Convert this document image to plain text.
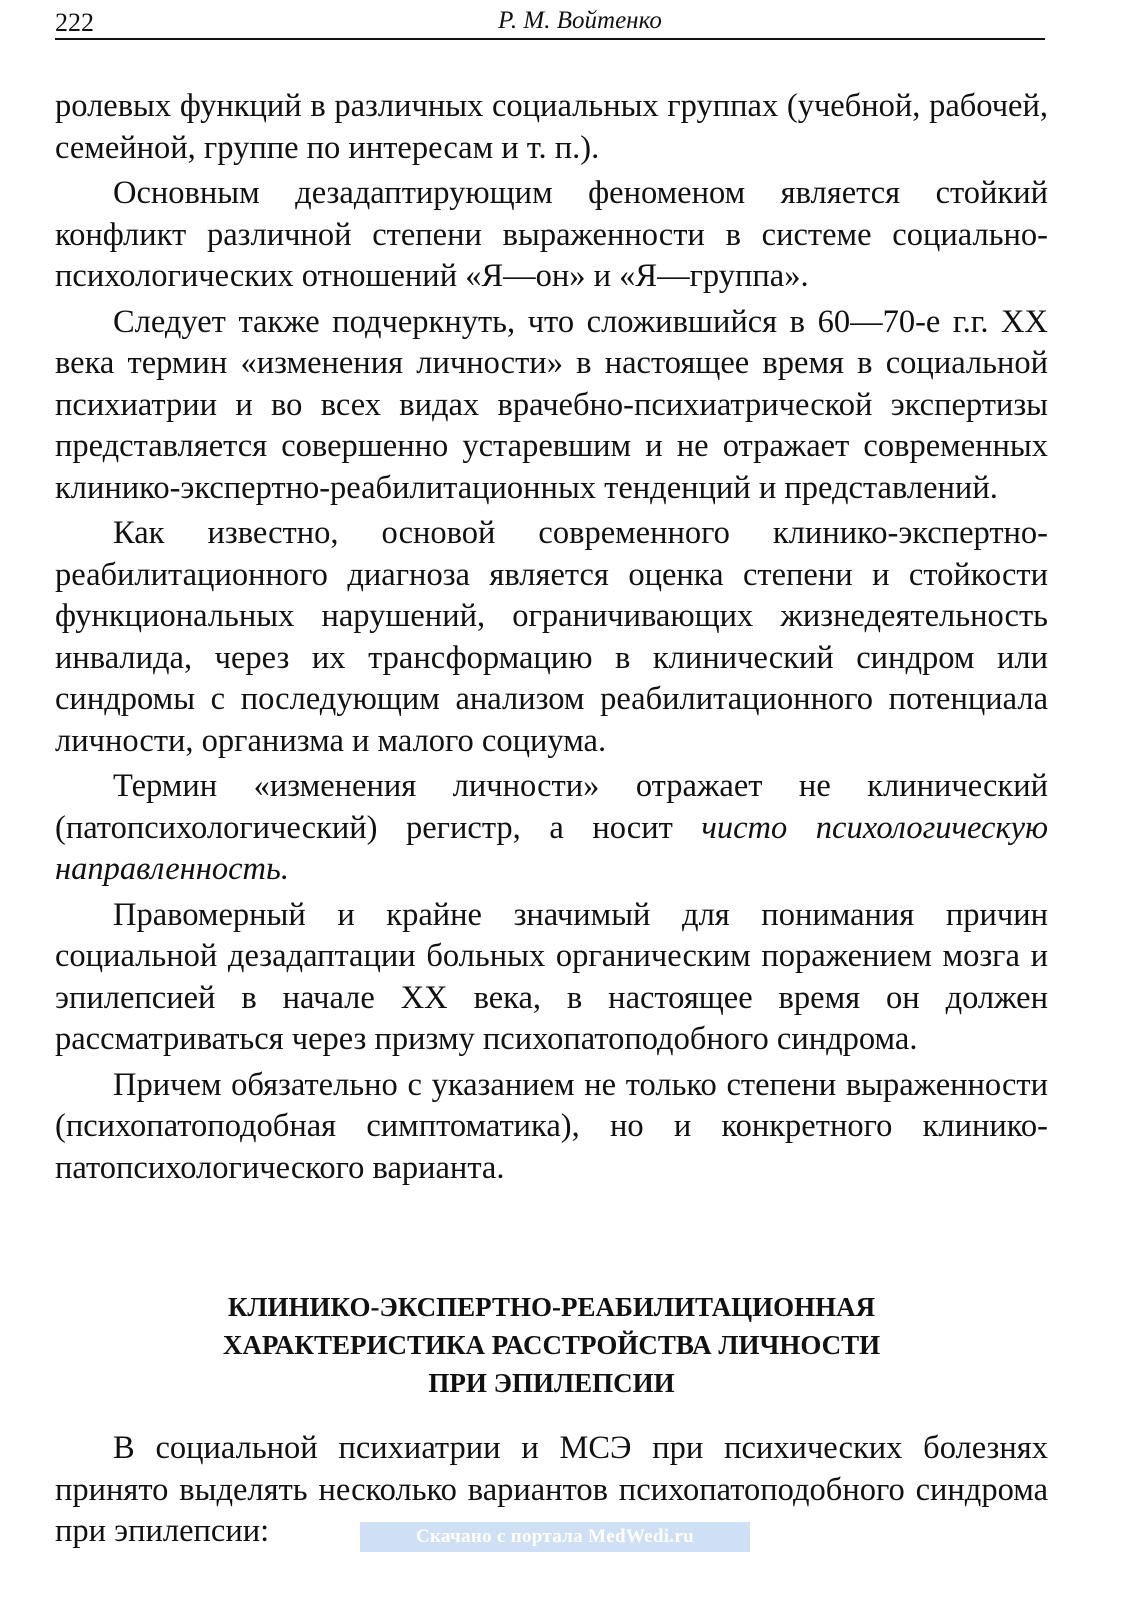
222	Р. М. Войтенко

ролевых функций в различных социальных группах (учебной, рабочей, семейной, группе по интересам и т. п.).

Основным дезадаптирующим феноменом является стойкий конфликт различной степени выраженности в системе социально-психологических отношений «Я—он» и «Я—группа».

Следует также подчеркнуть, что сложившийся в 60—70-е г.г. XX века термин «изменения личности» в настоящее время в социальной психиатрии и во всех видах врачебно-психиатрической экспертизы представляется совершенно устаревшим и не отражает современных клинико-экспертно-реабилитационных тенденций и представлений.

Как известно, основой современного клинико-экспертно-реабилитационного диагноза является оценка степени и стойкости функциональных нарушений, ограничивающих жизнедеятельность инвалида, через их трансформацию в клинический синдром или синдромы с последующим анализом реабилитационного потенциала личности, организма и малого социума.

Термин «изменения личности» отражает не клинический (патопсихологический) регистр, а носит чисто психологическую направленность.

Правомерный и крайне значимый для понимания причин социальной дезадаптации больных органическим поражением мозга и эпилепсией в начале XX века, в настоящее время он должен рассматриваться через призму психопатоподобного синдрома.

Причем обязательно с указанием не только степени выраженности (психопатоподобная симптоматика), но и конкретного клинико-патопсихологического варианта.

КЛИНИКО-ЭКСПЕРТНО-РЕАБИЛИТАЦИОННАЯ
ХАРАКТЕРИСТИКА РАССТРОЙСТВА ЛИЧНОСТИ
ПРИ ЭПИЛЕПСИИ

В социальной психиатрии и МСЭ при психических болезнях принято выделять несколько вариантов психопатоподобного синдрома при эпилепсии:	Скачано с портала MedWedi.ru
